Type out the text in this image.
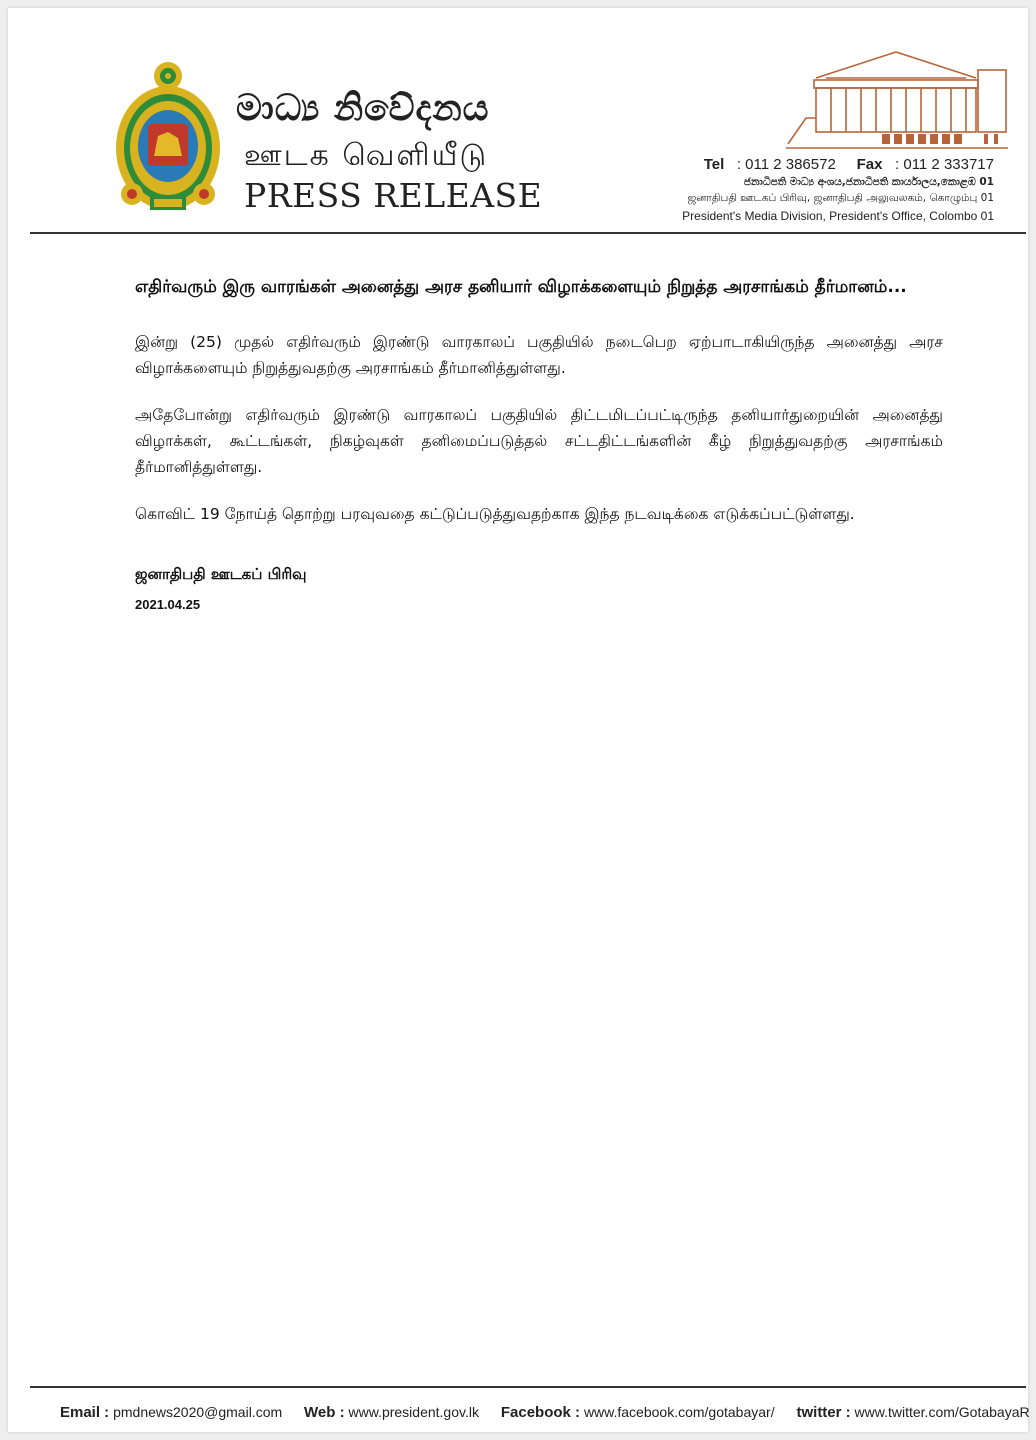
මාධ්‍ය නිවේදනය
ஊடக வெளியீடு
PRESS RELEASE
Tel : 011 2 386572 Fax : 011 2 333717
ජනාධිපති මාධ්‍ය අංශය,ජනාධිපති කාර්යාලය,කොළඹ 01
ஜனாதிபதி ஊடகப் பிரிவு, ஜனாதிபதி அலுவலகம், கொழும்பு 01
President's Media Division, President's Office, Colombo 01

எதிர்வரும் இரு வாரங்கள் அனைத்து அரச தனியார் விழாக்களையும் நிறுத்த அரசாங்கம் தீர்மானம்...

இன்று (25) முதல் எதிர்வரும் இரண்டு வாரகாலப் பகுதியில் நடைபெற ஏற்பாடாகியிருந்த அனைத்து அரச விழாக்களையும் நிறுத்துவதற்கு அரசாங்கம் தீர்மானித்துள்ளது.

அதேபோன்று எதிர்வரும் இரண்டு வாரகாலப் பகுதியில் திட்டமிடப்பட்டிருந்த தனியார்துறையின் அனைத்து விழாக்கள், கூட்டங்கள், நிகழ்வுகள் தனிமைப்படுத்தல் சட்டதிட்டங்களின் கீழ் நிறுத்துவதற்கு அரசாங்கம் தீர்மானித்துள்ளது.

கொவிட் 19 நோய்த் தொற்று பரவுவதை கட்டுப்படுத்துவதற்காக இந்த நடவடிக்கை எடுக்கப்பட்டுள்ளது.

ஜனாதிபதி ஊடகப் பிரிவு
2021.04.25
Email : pmdnews2020@gmail.com Web : www.president.gov.lk Facebook : www.facebook.com/gotabayar/ twitter : www.twitter.com/GotabayaR
